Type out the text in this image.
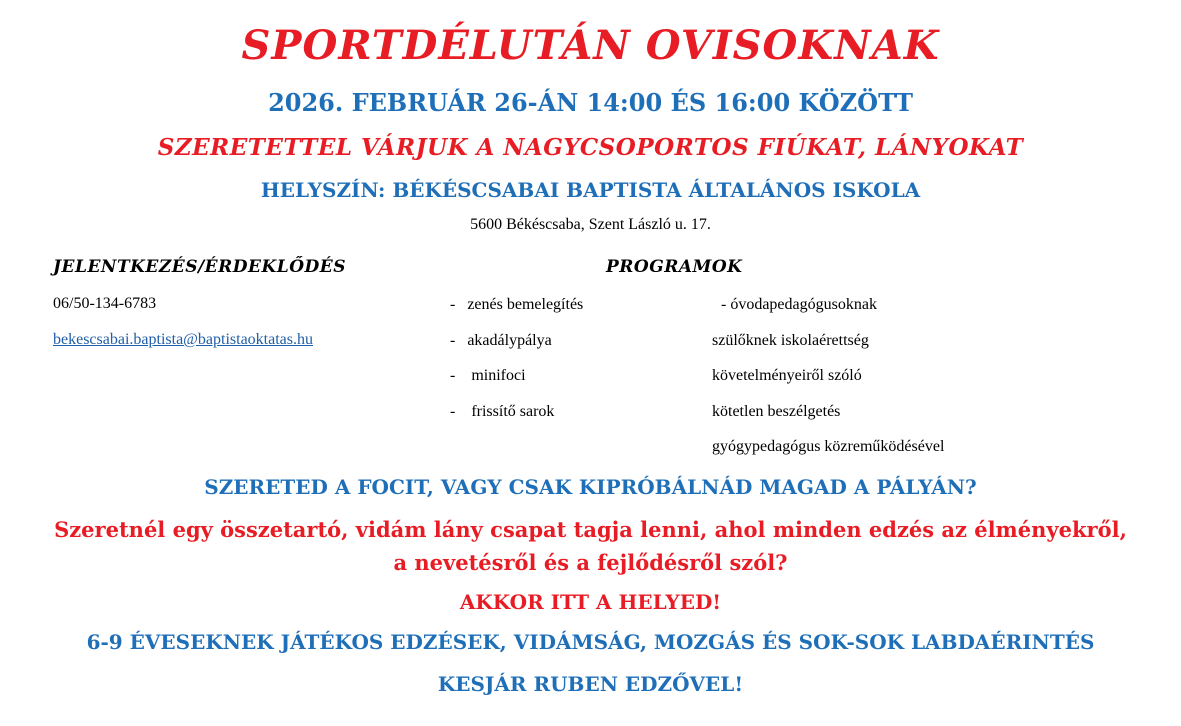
SPORTDÉLUTÁN OVISOKNAK
2026. FEBRUÁR 26-ÁN 14:00 ÉS 16:00 KÖZÖTT
SZERETETTEL VÁRJUK A NAGYCSOPORTOS FIÚKAT, LÁNYOKAT
HELYSZÍN: BÉKÉSCSABAI BAPTISTA ÁLTALÁNOS ISKOLA
5600 Békéscsaba, Szent László u. 17.
JELENTKEZÉS/ÉRDEKLŐDÉS
06/50-134-6783
bekescsabai.baptista@baptistaoktatas.hu
PROGRAMOK
-   zenés bemelegítés
-   akadálypálya
-    minifoci
-    frissítő sarok
- óvodapedagógusoknak
szülőknek iskolaérettség
követelményeiről szóló
kötetlen beszélgetés
gyógypedagógus közreműködésével
SZERETED A FOCIT, VAGY CSAK KIPRÓBÁLNÁD MAGAD A PÁLYÁN?
Szeretnél egy összetartó, vidám lány csapat tagja lenni, ahol minden edzés az élményekről,
a nevetésről és a fejlődésről szól?
AKKOR ITT A HELYED!
6-9 ÉVESEKNEK JÁTÉKOS EDZÉSEK, VIDÁMSÁG, MOZGÁS ÉS SOK-SOK LABDAÉRINTÉS
KESJÁR RUBEN EDZŐVEL!
